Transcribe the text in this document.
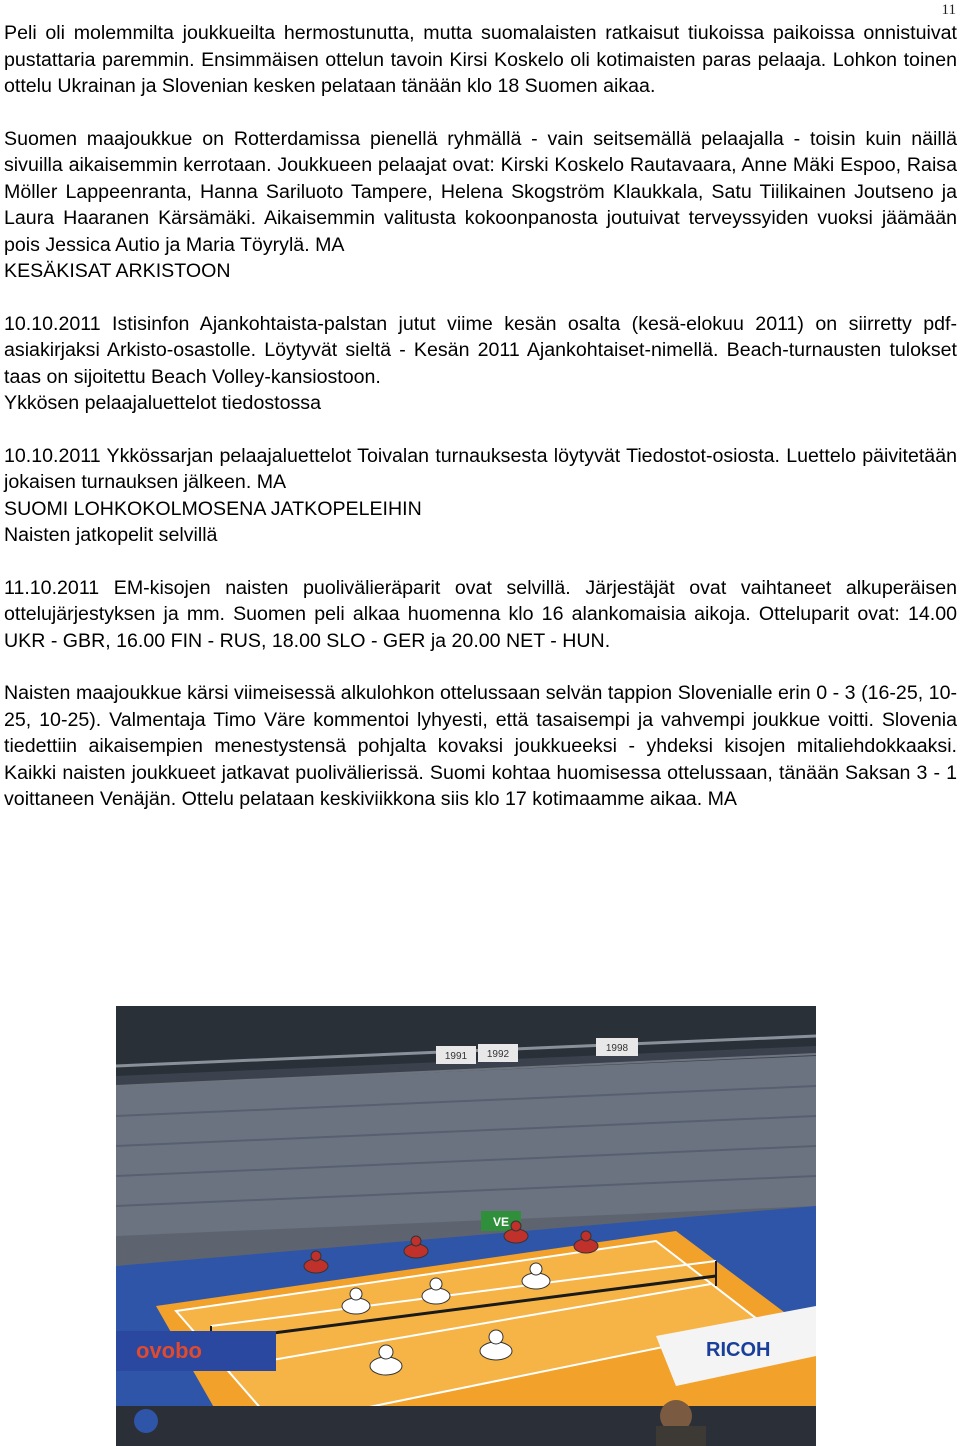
11

Peli oli molemmilta joukkueilta hermostunutta, mutta suomalaisten ratkaisut tiukoissa paikoissa onnistuivat pustattaria paremmin. Ensimmäisen ottelun tavoin Kirsi Koskelo oli kotimaisten paras pelaaja. Lohkon toinen ottelu Ukrainan ja Slovenian kesken pelataan tänään klo 18 Suomen aikaa.

Suomen maajoukkue on Rotterdamissa pienellä ryhmällä - vain seitsemällä pelaajalla - toisin kuin näillä sivuilla aikaisemmin kerrotaan. Joukkueen pelaajat ovat: Kirski Koskelo Rautavaara, Anne Mäki Espoo, Raisa Möller Lappeenranta, Hanna Sariluoto Tampere, Helena Skogström Klaukkala, Satu Tiilikainen Joutseno ja Laura Haaranen Kärsämäki. Aikaisemmin valitusta kokoonpanosta joutuivat terveyssyiden vuoksi jäämään pois Jessica Autio ja Maria Töyrylä. MA

KESÄKISAT ARKISTOON

10.10.2011 Istisinfon Ajankohtaista-palstan jutut viime kesän osalta (kesä-elokuu 2011) on siirretty pdf-asiakirjaksi Arkisto-osastolle. Löytyvät sieltä - Kesän 2011 Ajankohtaiset-nimellä. Beach-turnausten tulokset taas on sijoitettu Beach Volley-kansiostoon.

Ykkösen pelaajaluettelot tiedostossa

10.10.2011 Ykkössarjan pelaajaluettelot Toivalan turnauksesta löytyvät Tiedostot-osiosta. Luettelo päivitetään jokaisen turnauksen jälkeen. MA

SUOMI LOHKOKOLMOSENA JATKOPELEIHIN

Naisten jatkopelit selvillä

11.10.2011 EM-kisojen naisten puolivälieräparit ovat selvillä. Järjestäjät ovat vaihtaneet alkuperäisen ottelujärjestyksen ja mm. Suomen peli alkaa huomenna klo 16 alankomaisia aikoja. Otteluparit ovat: 14.00 UKR - GBR, 16.00 FIN - RUS, 18.00 SLO - GER ja 20.00 NET - HUN.

Naisten maajoukkue kärsi viimeisessä alkulohkon ottelussaan selvän tappion Slovenialle erin 0 - 3 (16-25, 10-25, 10-25). Valmentaja Timo Väre kommentoi lyhyesti, että tasaisempi ja vahvempi joukkue voitti. Slovenia tiedettiin aikaisempien menestystensä pohjalta kovaksi joukkueeksi - yhdeksi kisojen mitaliehdokkaaksi. Kaikki naisten joukkueet jatkavat puolivälierissä. Suomi kohtaa huomisessa ottelussaan, tänään Saksan 3 - 1 voittaneen Venäjän. Ottelu pelataan keskiviikkona siis klo 17 kotimaamme aikaa. MA

1991 1992
1998
ovobo	RICOH
VE
